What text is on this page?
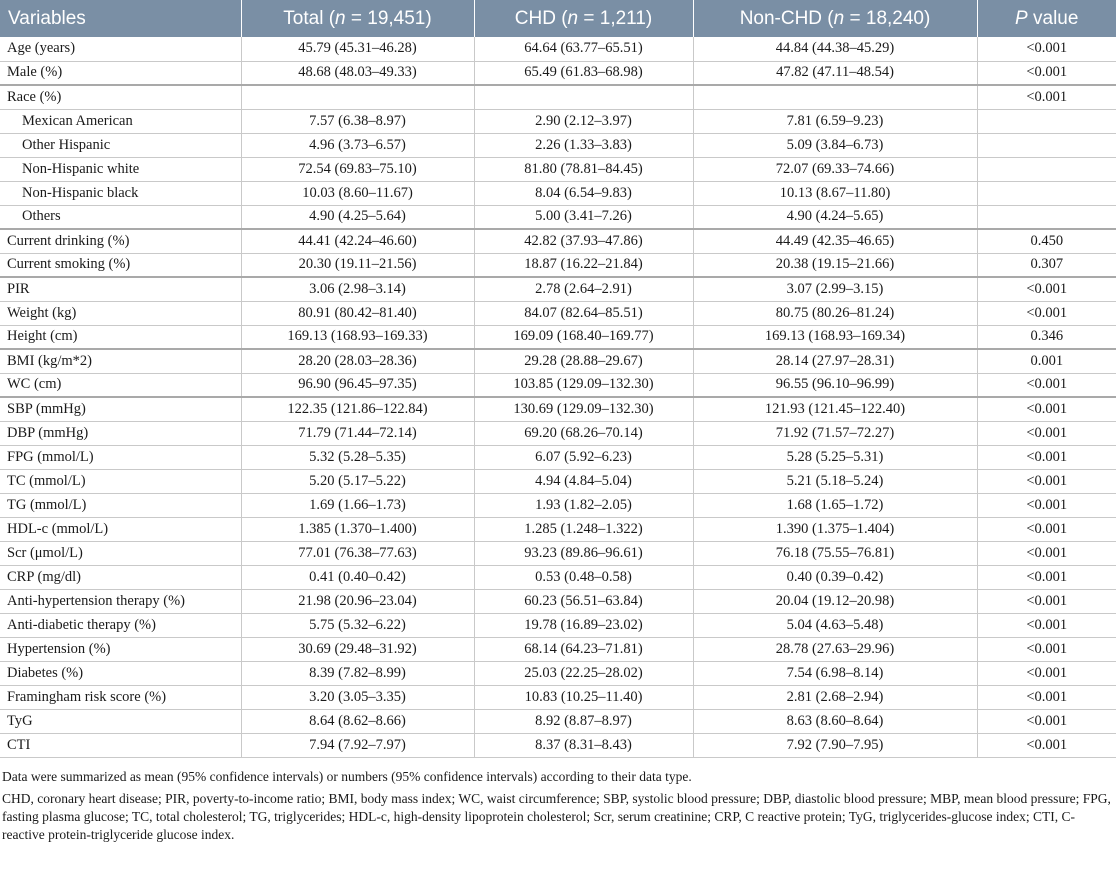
Variables	Total (n = 19,451)	CHD (n = 1,211)	Non-CHD (n = 18,240)	P value
Age (years)	45.79 (45.31–46.28)	64.64 (63.77–65.51)	44.84 (44.38–45.29)	<0.001
Male (%)	48.68 (48.03–49.33)	65.49 (61.83–68.98)	47.82 (47.11–48.54)	<0.001
Race (%)				<0.001
Mexican American	7.57 (6.38–8.97)	2.90 (2.12–3.97)	7.81 (6.59–9.23)	
Other Hispanic	4.96 (3.73–6.57)	2.26 (1.33–3.83)	5.09 (3.84–6.73)	
Non-Hispanic white	72.54 (69.83–75.10)	81.80 (78.81–84.45)	72.07 (69.33–74.66)	
Non-Hispanic black	10.03 (8.60–11.67)	8.04 (6.54–9.83)	10.13 (8.67–11.80)	
Others	4.90 (4.25–5.64)	5.00 (3.41–7.26)	4.90 (4.24–5.65)	
Current drinking (%)	44.41 (42.24–46.60)	42.82 (37.93–47.86)	44.49 (42.35–46.65)	0.450
Current smoking (%)	20.30 (19.11–21.56)	18.87 (16.22–21.84)	20.38 (19.15–21.66)	0.307
PIR	3.06 (2.98–3.14)	2.78 (2.64–2.91)	3.07 (2.99–3.15)	<0.001
Weight (kg)	80.91 (80.42–81.40)	84.07 (82.64–85.51)	80.75 (80.26–81.24)	<0.001
Height (cm)	169.13 (168.93–169.33)	169.09 (168.40–169.77)	169.13 (168.93–169.34)	0.346
BMI (kg/m*2)	28.20 (28.03–28.36)	29.28 (28.88–29.67)	28.14 (27.97–28.31)	0.001
WC (cm)	96.90 (96.45–97.35)	103.85 (129.09–132.30)	96.55 (96.10–96.99)	<0.001
SBP (mmHg)	122.35 (121.86–122.84)	130.69 (129.09–132.30)	121.93 (121.45–122.40)	<0.001
DBP (mmHg)	71.79 (71.44–72.14)	69.20 (68.26–70.14)	71.92 (71.57–72.27)	<0.001
FPG (mmol/L)	5.32 (5.28–5.35)	6.07 (5.92–6.23)	5.28 (5.25–5.31)	<0.001
TC (mmol/L)	5.20 (5.17–5.22)	4.94 (4.84–5.04)	5.21 (5.18–5.24)	<0.001
TG (mmol/L)	1.69 (1.66–1.73)	1.93 (1.82–2.05)	1.68 (1.65–1.72)	<0.001
HDL-c (mmol/L)	1.385 (1.370–1.400)	1.285 (1.248–1.322)	1.390 (1.375–1.404)	<0.001
Scr (μmol/L)	77.01 (76.38–77.63)	93.23 (89.86–96.61)	76.18 (75.55–76.81)	<0.001
CRP (mg/dl)	0.41 (0.40–0.42)	0.53 (0.48–0.58)	0.40 (0.39–0.42)	<0.001
Anti-hypertension therapy (%)	21.98 (20.96–23.04)	60.23 (56.51–63.84)	20.04 (19.12–20.98)	<0.001
Anti-diabetic therapy (%)	5.75 (5.32–6.22)	19.78 (16.89–23.02)	5.04 (4.63–5.48)	<0.001
Hypertension (%)	30.69 (29.48–31.92)	68.14 (64.23–71.81)	28.78 (27.63–29.96)	<0.001
Diabetes (%)	8.39 (7.82–8.99)	25.03 (22.25–28.02)	7.54 (6.98–8.14)	<0.001
Framingham risk score (%)	3.20 (3.05–3.35)	10.83 (10.25–11.40)	2.81 (2.68–2.94)	<0.001
TyG	8.64 (8.62–8.66)	8.92 (8.87–8.97)	8.63 (8.60–8.64)	<0.001
CTI	7.94 (7.92–7.97)	8.37 (8.31–8.43)	7.92 (7.90–7.95)	<0.001

Data were summarized as mean (95% confidence intervals) or numbers (95% confidence intervals) according to their data type.

CHD, coronary heart disease; PIR, poverty-to-income ratio; BMI, body mass index; WC, waist circumference; SBP, systolic blood pressure; DBP, diastolic blood pressure; MBP, mean blood pressure; FPG, fasting plasma glucose; TC, total cholesterol; TG, triglycerides; HDL-c, high-density lipoprotein cholesterol; Scr, serum creatinine; CRP, C reactive protein; TyG, triglycerides-glucose index; CTI, C-reactive protein-triglyceride glucose index.
